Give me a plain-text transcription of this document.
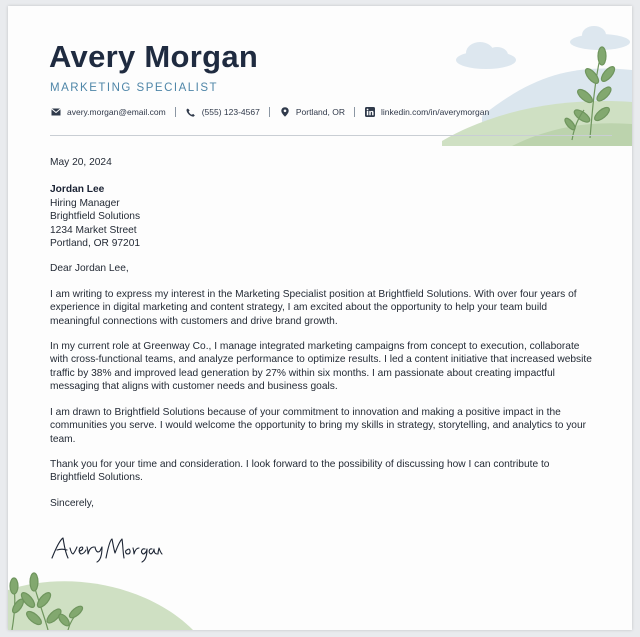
Avery Morgan
MARKETING SPECIALIST
avery.morgan@email.com	(555) 123-4567	Portland, OR	linkedin.com/in/averymorgan

May 20, 2024

Jordan Lee

Hiring Manager

Brightfield Solutions

1234 Market Street

Portland, OR 97201

Dear Jordan Lee,

I am writing to express my interest in the Marketing Specialist position at Brightfield Solutions. With over four years of experience in digital marketing and content strategy, I am excited about the opportunity to help your team build meaningful connections with customers and drive brand growth.

In my current role at Greenway Co., I manage integrated marketing campaigns from concept to execution, collaborate with cross-functional teams, and analyze performance to optimize results. I led a content initiative that increased website traffic by 38% and improved lead generation by 27% within six months. I am passionate about creating impactful messaging that aligns with customer needs and business goals.

I am drawn to Brightfield Solutions because of your commitment to innovation and making a positive impact in the communities you serve. I would welcome the opportunity to bring my skills in strategy, storytelling, and analytics to your team.

Thank you for your time and consideration. I look forward to the possibility of discussing how I can contribute to Brightfield Solutions.

Sincerely,
